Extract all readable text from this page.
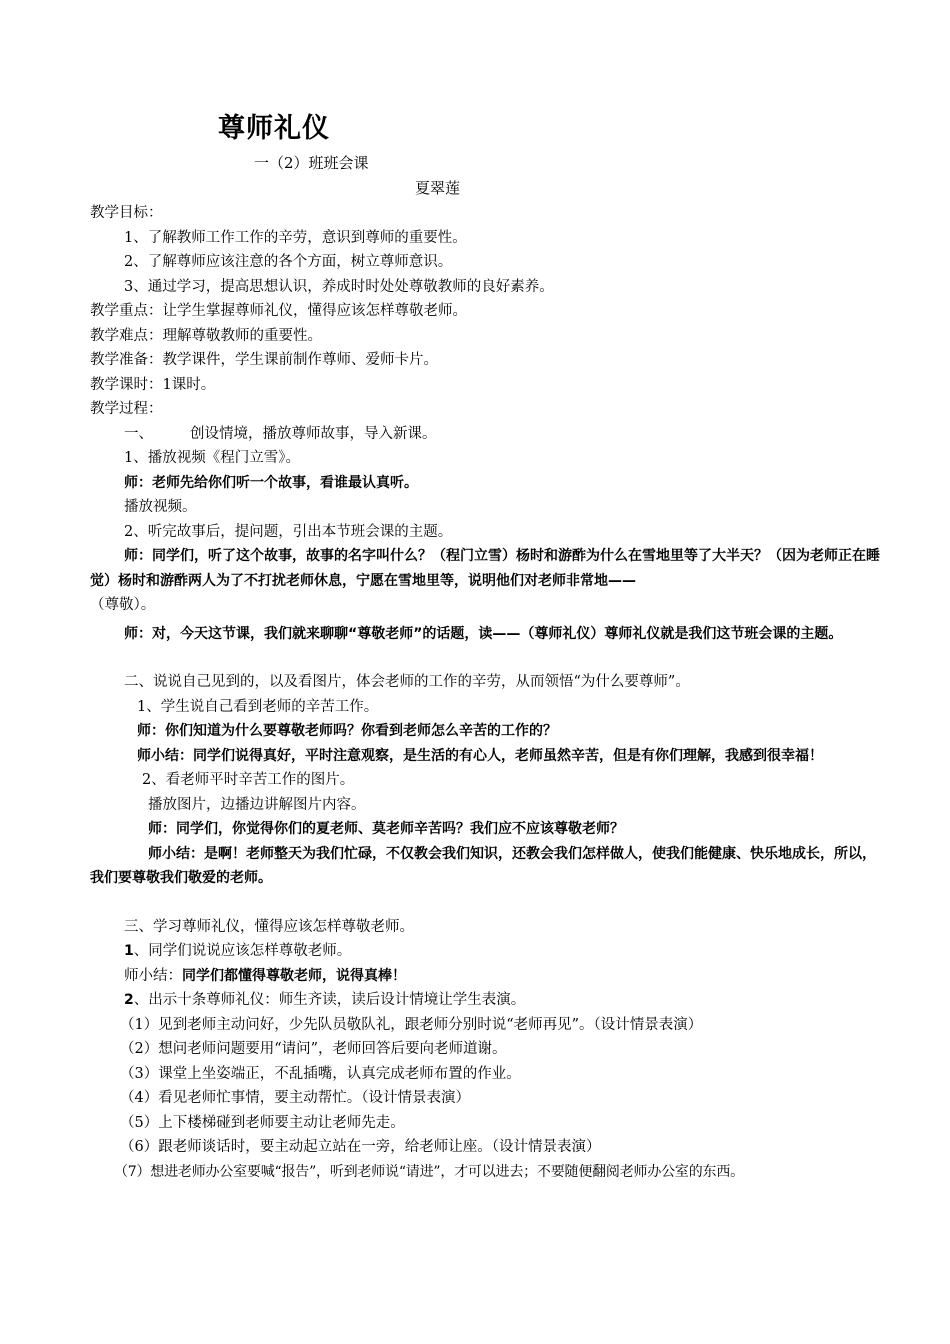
尊师礼仪
一（2）班班会课
夏翠莲

教学目标：

1、了解教师工作工作的辛劳，意识到尊师的重要性。

2、了解尊师应该注意的各个方面，树立尊师意识。

3、通过学习，提高思想认识，养成时时处处尊敬教师的良好素养。

教学重点：让学生掌握尊师礼仪，懂得应该怎样尊敬老师。

教学难点：理解尊敬教师的重要性。

教学准备：教学课件，学生课前制作尊师、爱师卡片。

教学课时：1课时。

教学过程：

一、	创设情境，播放尊师故事，导入新课。

1、播放视频《程门立雪》。

师：老师先给你们听一个故事，看谁最认真听。

播放视频。

2、听完故事后，提问题，引出本节班会课的主题。

师：同学们，听了这个故事，故事的名字叫什么？（程门立雪）杨时和游酢为什么在雪地里等了大半天？（因为老师正在睡觉）杨时和游酢两人为了不打扰老师休息，宁愿在雪地里等，说明他们对老师非常地——

（尊敬）。

师：对，今天这节课，我们就来聊聊“尊敬老师”的话题，读——（尊师礼仪）尊师礼仪就是我们这节班会课的主题。

二、说说自己见到的，以及看图片，体会老师的工作的辛劳，从而领悟“为什么要尊师”。

1、学生说自己看到老师的辛苦工作。

师：你们知道为什么要尊敬老师吗？你看到老师怎么辛苦的工作的？

师小结：同学们说得真好，平时注意观察，是生活的有心人，老师虽然辛苦，但是有你们理解，我感到很幸福！

2、看老师平时辛苦工作的图片。

播放图片，边播边讲解图片内容。

师：同学们，你觉得你们的夏老师、莫老师辛苦吗？我们应不应该尊敬老师？

师小结：是啊！老师整天为我们忙碌，不仅教会我们知识，还教会我们怎样做人，使我们能健康、快乐地成长，所以，我们要尊敬我们敬爱的老师。

三、学习尊师礼仪，懂得应该怎样尊敬老师。

1、同学们说说应该怎样尊敬老师。

师小结：同学们都懂得尊敬老师，说得真棒！

2、出示十条尊师礼仪：师生齐读，读后设计情境让学生表演。

（1）见到老师主动问好，少先队员敬队礼，跟老师分别时说“老师再见”。（设计情景表演）

（2）想问老师问题要用“请问”，老师回答后要向老师道谢。

（3）课堂上坐姿端正，不乱插嘴，认真完成老师布置的作业。

（4）看见老师忙事情，要主动帮忙。（设计情景表演）

（5）上下楼梯碰到老师要主动让老师先走。

（6）跟老师谈话时，要主动起立站在一旁，给老师让座。（设计情景表演）

（7）想进老师办公室要喊“报告”，听到老师说“请进”，才可以进去；不要随便翻阅老师办公室的东西。
